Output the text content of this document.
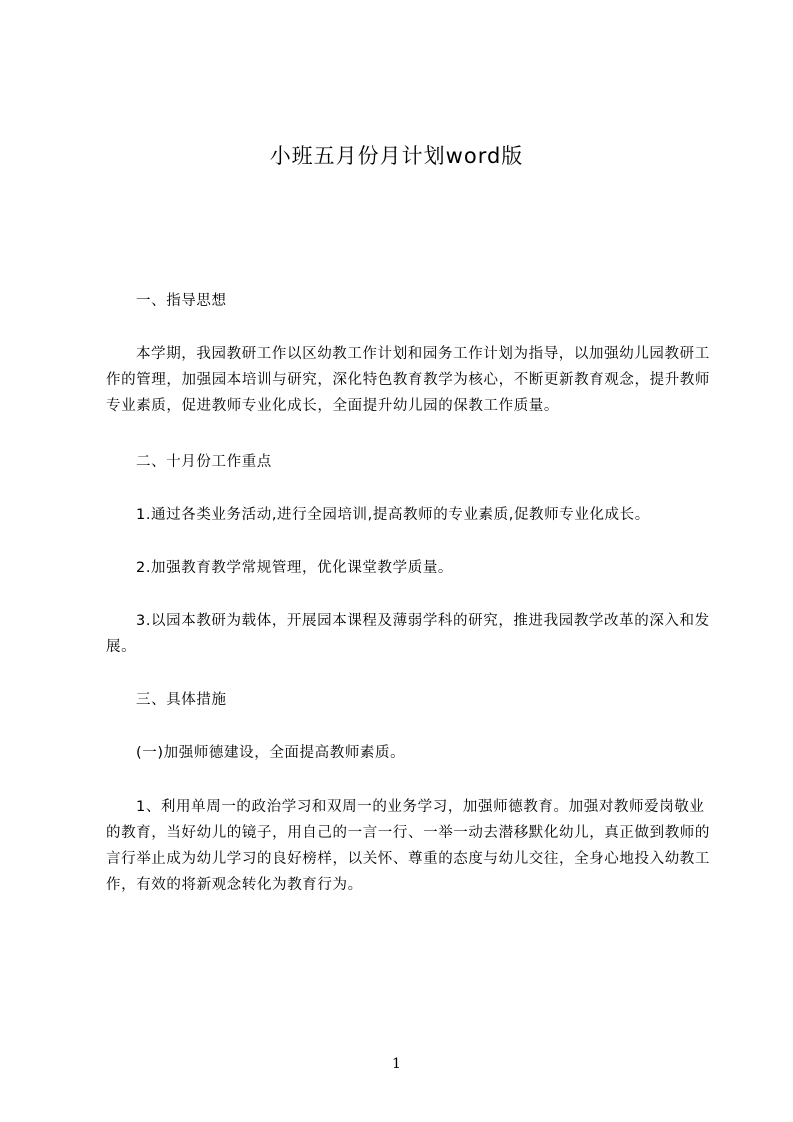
小班五月份月计划word版

一、指导思想

本学期，我园教研工作以区幼教工作计划和园务工作计划为指导，以加强幼儿园教研工作的管理，加强园本培训与研究，深化特色教育教学为核心，不断更新教育观念，提升教师专业素质，促进教师专业化成长，全面提升幼儿园的保教工作质量。

二、十月份工作重点

1.通过各类业务活动,进行全园培训,提高教师的专业素质,促教师专业化成长。

2.加强教育教学常规管理，优化课堂教学质量。

3.以园本教研为载体，开展园本课程及薄弱学科的研究，推进我园教学改革的深入和发展。

三、具体措施

(一)加强师德建设，全面提高教师素质。

1、利用单周一的政治学习和双周一的业务学习，加强师德教育。加强对教师爱岗敬业的教育，当好幼儿的镜子，用自己的一言一行、一举一动去潜移默化幼儿，真正做到教师的言行举止成为幼儿学习的良好榜样，以关怀、尊重的态度与幼儿交往，全身心地投入幼教工作，有效的将新观念转化为教育行为。

1
